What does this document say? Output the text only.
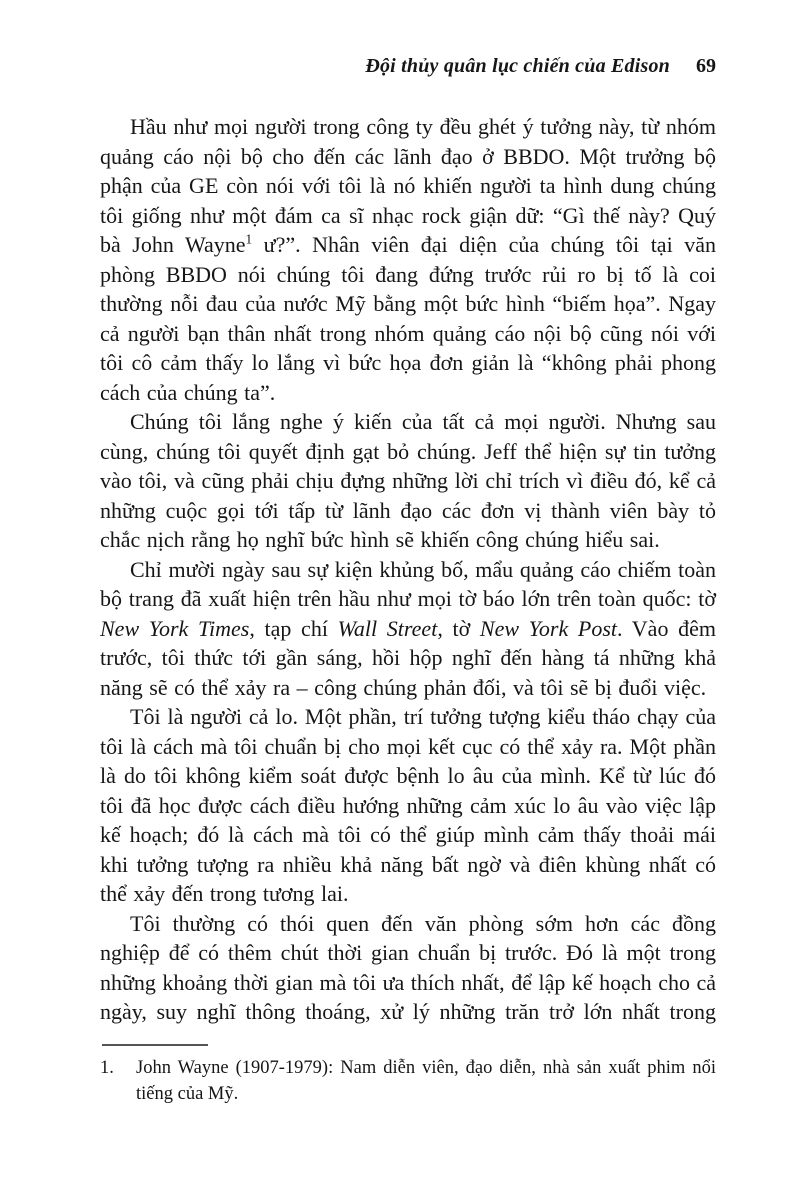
Đội thủy quân lục chiến của Edison 69

Hầu như mọi người trong công ty đều ghét ý tưởng này, từ nhóm quảng cáo nội bộ cho đến các lãnh đạo ở BBDO. Một trưởng bộ phận của GE còn nói với tôi là nó khiến người ta hình dung chúng tôi giống như một đám ca sĩ nhạc rock giận dữ: “Gì thế này? Quý bà John Wayne$^1$ ư?”. Nhân viên đại diện của chúng tôi tại văn phòng BBDO nói chúng tôi đang đứng trước rủi ro bị tố là coi thường nỗi đau của nước Mỹ bằng một bức hình “biếm họa”. Ngay cả người bạn thân nhất trong nhóm quảng cáo nội bộ cũng nói với tôi cô cảm thấy lo lắng vì bức họa đơn giản là “không phải phong cách của chúng ta”.

Chúng tôi lắng nghe ý kiến của tất cả mọi người. Nhưng sau cùng, chúng tôi quyết định gạt bỏ chúng. Jeff thể hiện sự tin tưởng vào tôi, và cũng phải chịu đựng những lời chỉ trích vì điều đó, kể cả những cuộc gọi tới tấp từ lãnh đạo các đơn vị thành viên bày tỏ chắc nịch rằng họ nghĩ bức hình sẽ khiến công chúng hiểu sai.

Chỉ mười ngày sau sự kiện khủng bố, mẩu quảng cáo chiếm toàn bộ trang đã xuất hiện trên hầu như mọi tờ báo lớn trên toàn quốc: tờ New York Times, tạp chí Wall Street, tờ New York Post. Vào đêm trước, tôi thức tới gần sáng, hồi hộp nghĩ đến hàng tá những khả năng sẽ có thể xảy ra – công chúng phản đối, và tôi sẽ bị đuổi việc.

Tôi là người cả lo. Một phần, trí tưởng tượng kiểu tháo chạy của tôi là cách mà tôi chuẩn bị cho mọi kết cục có thể xảy ra. Một phần là do tôi không kiểm soát được bệnh lo âu của mình. Kể từ lúc đó tôi đã học được cách điều hướng những cảm xúc lo âu vào việc lập kế hoạch; đó là cách mà tôi có thể giúp mình cảm thấy thoải mái khi tưởng tượng ra nhiều khả năng bất ngờ và điên khùng nhất có thể xảy đến trong tương lai.

Tôi thường có thói quen đến văn phòng sớm hơn các đồng nghiệp để có thêm chút thời gian chuẩn bị trước. Đó là một trong những khoảng thời gian mà tôi ưa thích nhất, để lập kế hoạch cho cả ngày, suy nghĩ thông thoáng, xử lý những trăn trở lớn nhất trong

1.	John Wayne (1907-1979): Nam diễn viên, đạo diễn, nhà sản xuất phim nổi tiếng của Mỹ.
